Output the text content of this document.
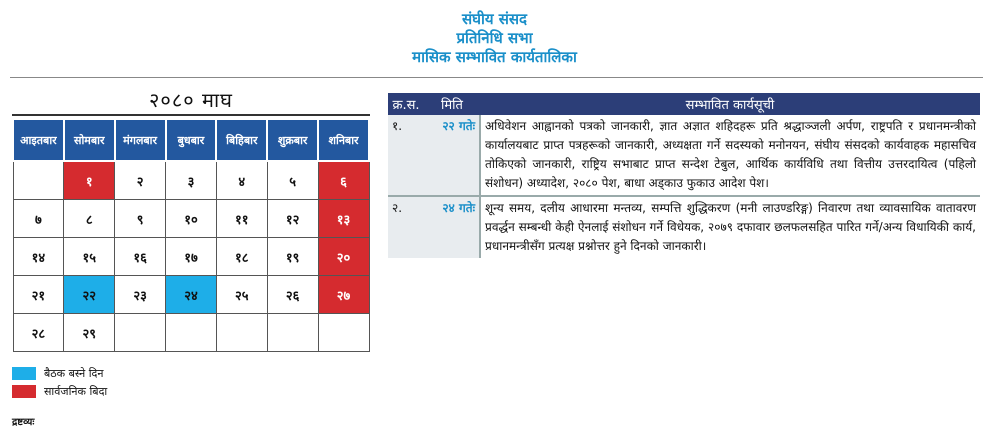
संघीय संसद
प्रतिनिधि सभा
मासिक सम्भावित कार्यतालिका
२०८० माघ
आइतबार	सोमबार	मंगलबार	बुधबार	बिहिबार	शुक्रबार	शनिबार
	१	२	३	४	५	६
७	८	९	१०	११	१२	१३
१४	१५	१६	१७	१८	१९	२०
२१	२२	२३	२४	२५	२६	२७
२८	२९					
बैठक बस्ने दिन
सार्वजनिक बिदा
द्रष्टव्यः
क्र.स.	मिति	सम्भावित कार्यसूची
१.	२२ गतेः	अधिवेशन आह्वानको पत्रको जानकारी, ज्ञात अज्ञात शहिदहरू प्रति श्रद्धाञ्जली अर्पण, राष्ट्रपति र प्रधानमन्त्रीको कार्यालयबाट प्राप्त पत्रहरूको जानकारी, अध्यक्षता गर्ने सदस्यको मनोनयन, संघीय संसदको कार्यवाहक महासचिव तोकिएको जानकारी, राष्ट्रिय सभाबाट प्राप्त सन्देश टेबुल, आर्थिक कार्यविधि तथा वित्तीय उत्तरदायित्व (पहिलो संशोधन) अध्यादेश, २०८० पेश, बाधा अड्काउ फुकाउ आदेश पेश।
२.	२४ गतेः	शून्य समय, दलीय आधारमा मन्तव्य, सम्पत्ति शुद्धिकरण (मनी लाउण्डरिङ्ग) निवारण तथा व्यावसायिक वातावरण प्रवर्द्धन सम्बन्धी केही ऐनलाई संशोधन गर्ने विधेयक, २०७९ दफावार छलफलसहित पारित गर्ने/अन्य विधायिकी कार्य, प्रधानमन्त्रीसँग प्रत्यक्ष प्रश्नोत्तर हुने दिनको जानकारी।
